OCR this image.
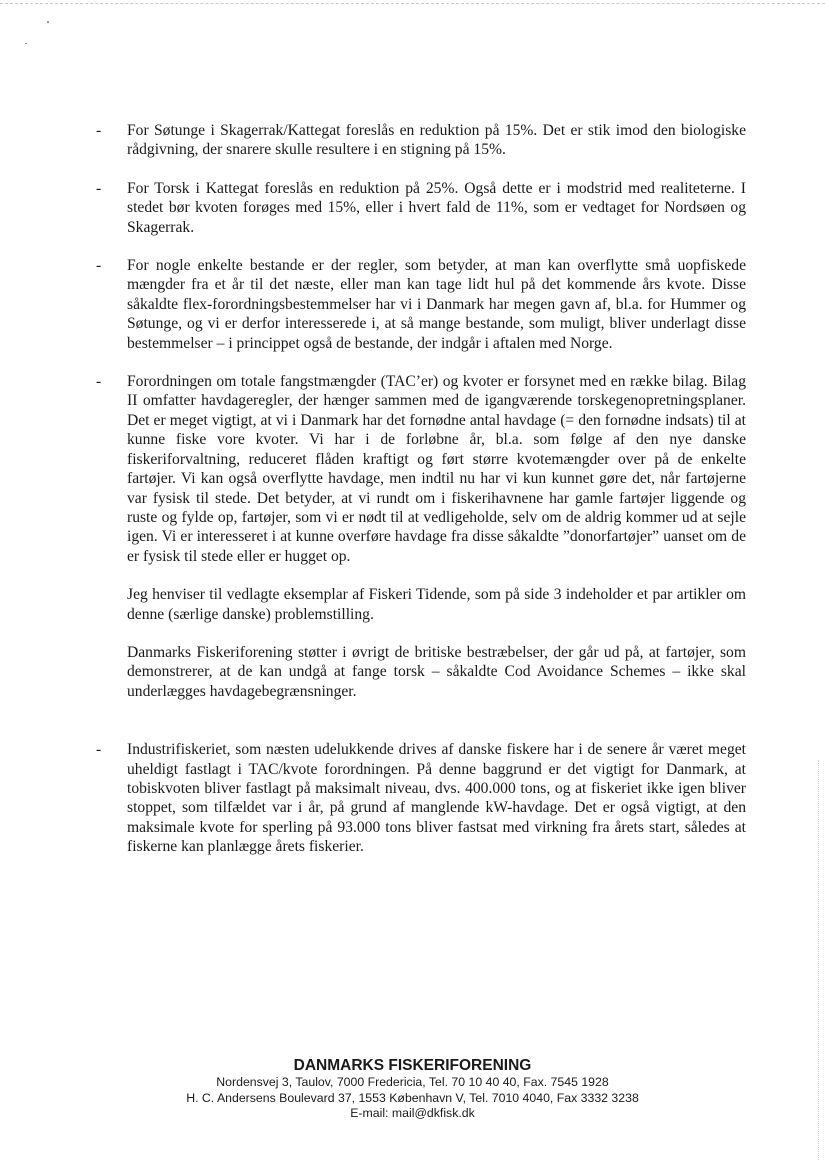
- For Søtunge i Skagerrak/Kattegat foreslås en reduktion på 15%. Det er stik imod den biologiske rådgivning, der snarere skulle resultere i en stigning på 15%.
- For Torsk i Kattegat foreslås en reduktion på 25%. Også dette er i modstrid med realiteterne. I stedet bør kvoten forøges med 15%, eller i hvert fald de 11%, som er vedtaget for Nordsøen og Skagerrak.
- For nogle enkelte bestande er der regler, som betyder, at man kan overflytte små uopfiskede mængder fra et år til det næste, eller man kan tage lidt hul på det kommende års kvote. Disse såkaldte flex-forordningsbestemmelser har vi i Danmark har megen gavn af, bl.a. for Hummer og Søtunge, og vi er derfor interesserede i, at så mange bestande, som muligt, bliver underlagt disse bestemmelser – i princippet også de bestande, der indgår i aftalen med Norge.
- Forordningen om totale fangstmængder (TAC’er) og kvoter er forsynet med en række bilag. Bilag II omfatter havdageregler, der hænger sammen med de igangværende torskegenopretningsplaner. Det er meget vigtigt, at vi i Danmark har det fornødne antal havdage (= den fornødne indsats) til at kunne fiske vore kvoter. Vi har i de forløbne år, bl.a. som følge af den nye danske fiskeriforvaltning, reduceret flåden kraftigt og ført større kvotemængder over på de enkelte fartøjer. Vi kan også overflytte havdage, men indtil nu har vi kun kunnet gøre det, når fartøjerne var fysisk til stede. Det betyder, at vi rundt om i fiskerihavnene har gamle fartøjer liggende og ruste og fylde op, fartøjer, som vi er nødt til at vedligeholde, selv om de aldrig kommer ud at sejle igen. Vi er interesseret i at kunne overføre havdage fra disse såkaldte ”donorfartøjer” uanset om de er fysisk til stede eller er hugget op.
Jeg henviser til vedlagte eksemplar af Fiskeri Tidende, som på side 3 indeholder et par artikler om denne (særlige danske) problemstilling.
Danmarks Fiskeriforening støtter i øvrigt de britiske bestræbelser, der går ud på, at fartøjer, som demonstrerer, at de kan undgå at fange torsk – såkaldte Cod Avoidance Schemes – ikke skal underlægges havdagebegrænsninger.
- Industrifiskeriet, som næsten udelukkende drives af danske fiskere har i de senere år været meget uheldigt fastlagt i TAC/kvote forordningen. På denne baggrund er det vigtigt for Danmark, at tobiskvoten bliver fastlagt på maksimalt niveau, dvs. 400.000 tons, og at fiskeriet ikke igen bliver stoppet, som tilfældet var i år, på grund af manglende kW-havdage. Det er også vigtigt, at den maksimale kvote for sperling på 93.000 tons bliver fastsat med virkning fra årets start, således at fiskerne kan planlægge årets fiskerier.
DANMARKS FISKERIFORENING
Nordensvej 3, Taulov, 7000 Fredericia, Tel. 70 10 40 40, Fax. 7545 1928
H. C. Andersens Boulevard 37, 1553 København V, Tel. 7010 4040, Fax 3332 3238
E-mail: mail@dkfisk.dk
